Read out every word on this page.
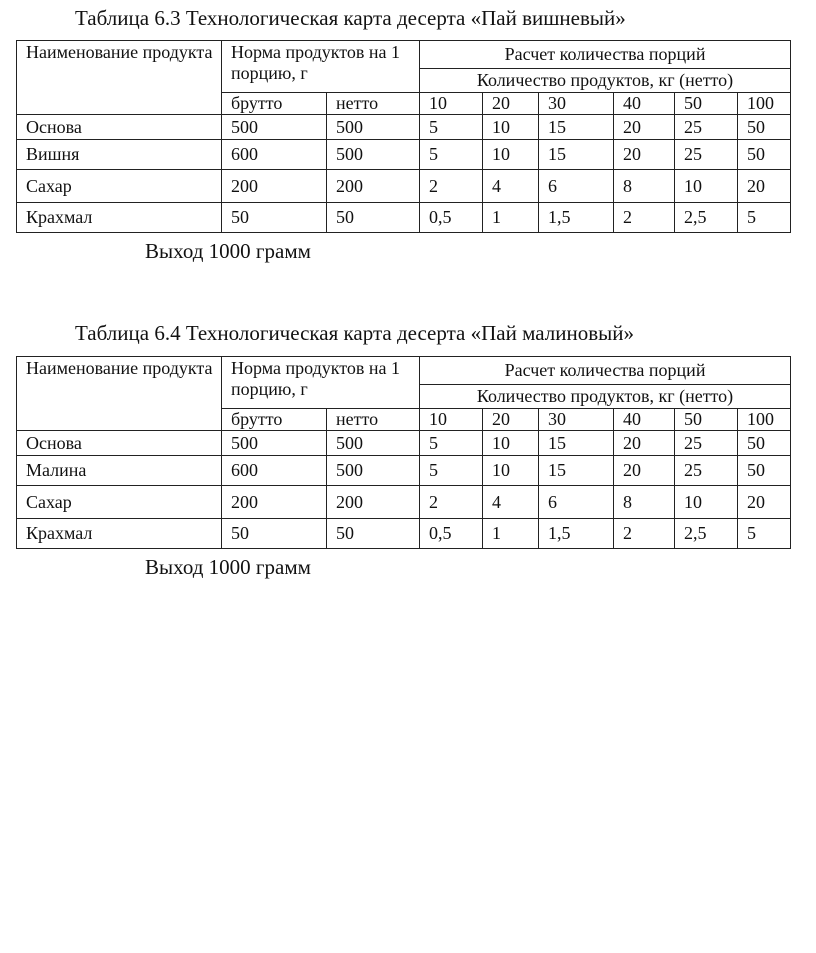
Таблица 6.3 Технологическая карта десерта «Пай вишневый»
Наименование продукта	Норма продуктов на 1 порцию, г		Расчет количества порций					
			Количество продуктов, кг (нетто)					
	брутто	нетто	10	20	30	40	50	100
Основа	500	500	5	10	15	20	25	50
Вишня	600	500	5	10	15	20	25	50
Сахар	200	200	2	4	6	8	10	20
Крахмал	50	50	0,5	1	1,5	2	2,5	5
Выход 1000 грамм
Таблица 6.4 Технологическая карта десерта «Пай малиновый»
Наименование продукта	Норма продуктов на 1 порцию, г		Расчет количества порций					
			Количество продуктов, кг (нетто)					
	брутто	нетто	10	20	30	40	50	100
Основа	500	500	5	10	15	20	25	50
Малина	600	500	5	10	15	20	25	50
Сахар	200	200	2	4	6	8	10	20
Крахмал	50	50	0,5	1	1,5	2	2,5	5
Выход 1000 грамм
